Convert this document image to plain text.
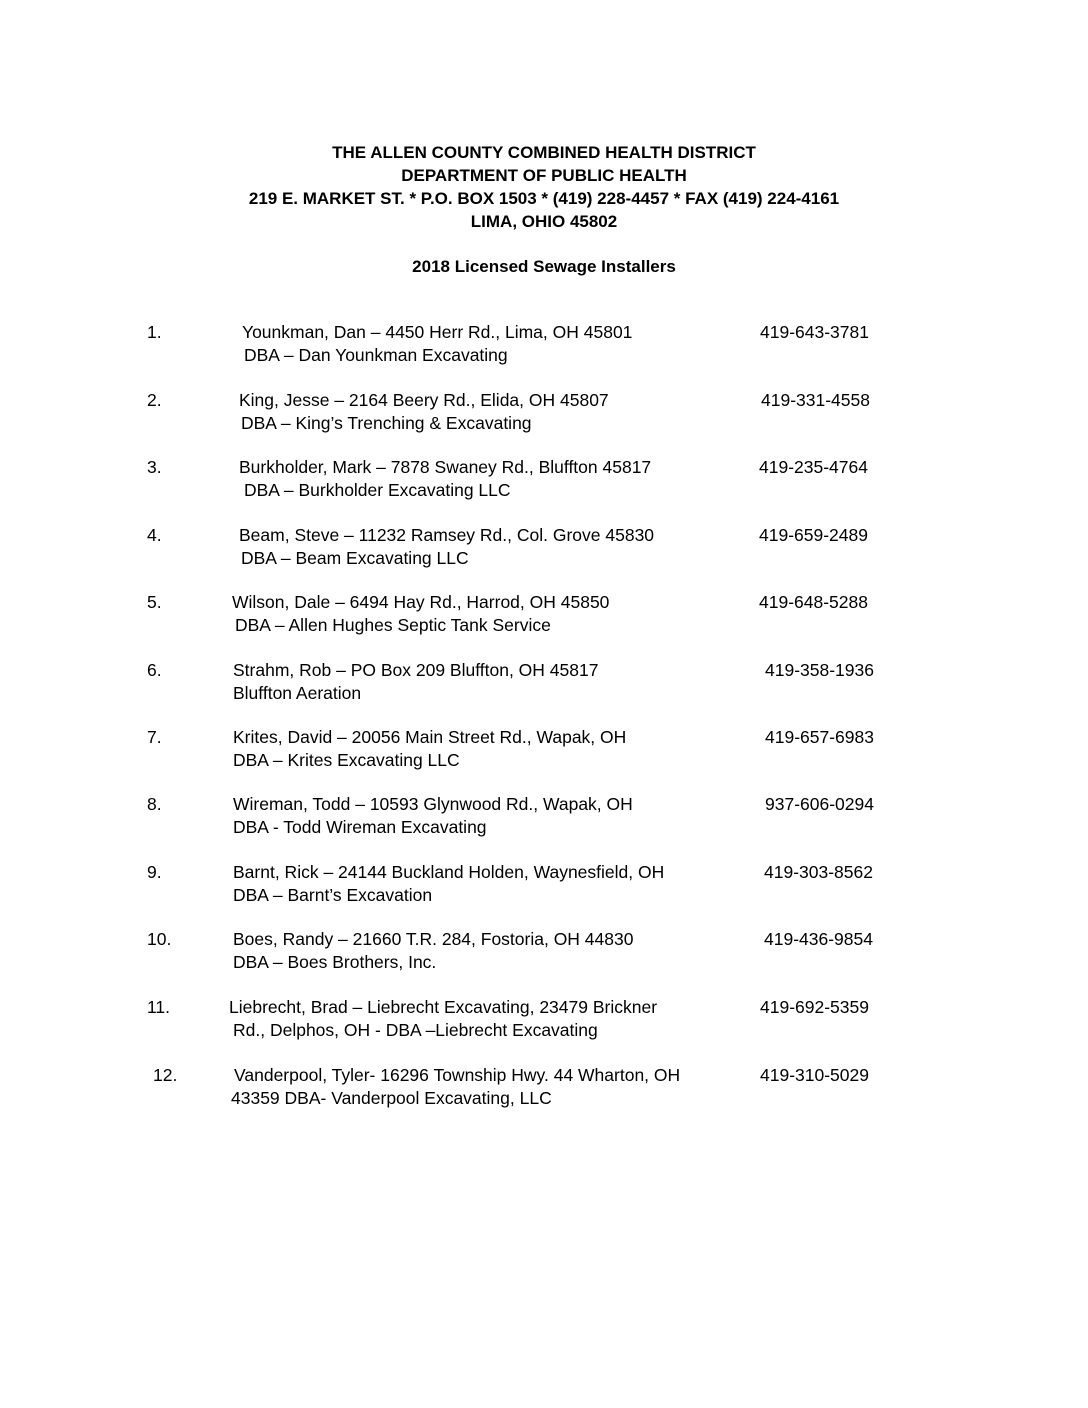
THE ALLEN COUNTY COMBINED HEALTH DISTRICT
DEPARTMENT OF PUBLIC HEALTH
219 E. MARKET ST. * P.O. BOX 1503 * (419) 228-4457 * FAX (419) 224-4161
LIMA, OHIO 45802
2018 Licensed Sewage Installers
1.	Younkman, Dan – 4450 Herr Rd., Lima, OH 45801
DBA – Dan Younkman Excavating
419-643-3781
2.	King, Jesse – 2164 Beery Rd., Elida, OH 45807
DBA – King’s Trenching & Excavating
419-331-4558
3.	Burkholder, Mark – 7878 Swaney Rd., Bluffton 45817
DBA – Burkholder Excavating LLC
419-235-4764
4.	Beam, Steve – 11232 Ramsey Rd., Col. Grove 45830
DBA – Beam Excavating LLC
419-659-2489
5.	Wilson, Dale – 6494 Hay Rd., Harrod, OH 45850
DBA – Allen Hughes Septic Tank Service
419-648-5288
6.	Strahm, Rob – PO Box 209 Bluffton, OH 45817
Bluffton Aeration
419-358-1936
7.	Krites, David – 20056 Main Street Rd., Wapak, OH
DBA – Krites Excavating LLC
419-657-6983
8.	Wireman, Todd – 10593 Glynwood Rd., Wapak, OH
DBA - Todd Wireman Excavating
937-606-0294
9.	Barnt, Rick – 24144 Buckland Holden, Waynesfield, OH
DBA – Barnt’s Excavation
419-303-8562
10.	Boes, Randy – 21660 T.R. 284, Fostoria, OH 44830
DBA – Boes Brothers, Inc.
419-436-9854
11.	Liebrecht, Brad – Liebrecht Excavating, 23479 Brickner
Rd., Delphos, OH - DBA –Liebrecht Excavating
419-692-5359
12.	Vanderpool, Tyler- 16296 Township Hwy. 44 Wharton, OH
43359 DBA- Vanderpool Excavating, LLC
419-310-5029
